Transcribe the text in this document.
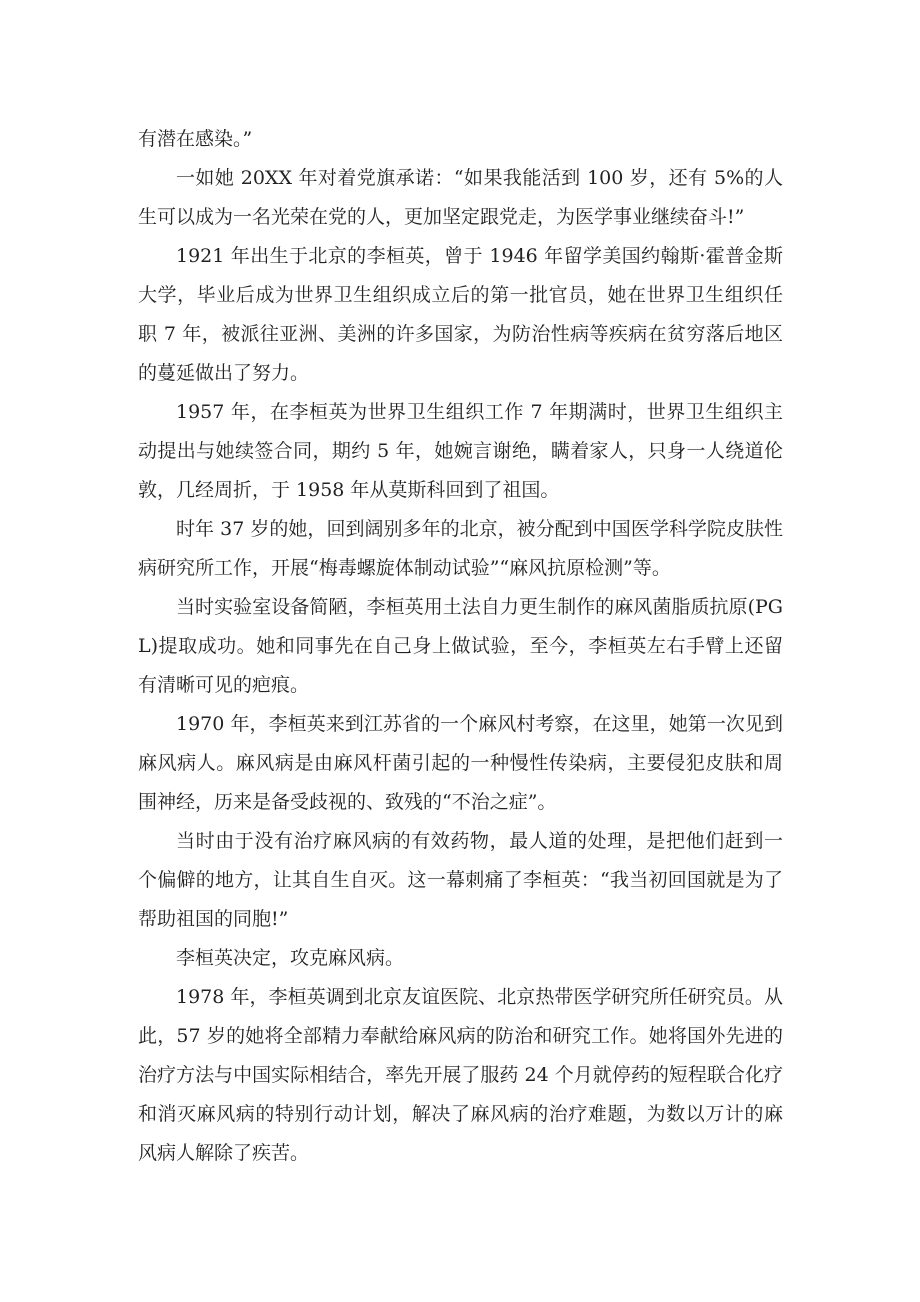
有潜在感染。”

一如她 20XX 年对着党旗承诺：“如果我能活到 100 岁，还有 5%的人生可以成为一名光荣在党的人，更加坚定跟党走，为医学事业继续奋斗!”

1921 年出生于北京的李桓英，曾于 1946 年留学美国约翰斯·霍普金斯大学，毕业后成为世界卫生组织成立后的第一批官员，她在世界卫生组织任职 7 年，被派往亚洲、美洲的许多国家，为防治性病等疾病在贫穷落后地区的蔓延做出了努力。

1957 年，在李桓英为世界卫生组织工作 7 年期满时，世界卫生组织主动提出与她续签合同，期约 5 年，她婉言谢绝，瞒着家人，只身一人绕道伦敦，几经周折，于 1958 年从莫斯科回到了祖国。

时年 37 岁的她，回到阔别多年的北京，被分配到中国医学科学院皮肤性病研究所工作，开展“梅毒螺旋体制动试验”“麻风抗原检测”等。

当时实验室设备简陋，李桓英用土法自力更生制作的麻风菌脂质抗原(PGL)提取成功。她和同事先在自己身上做试验，至今，李桓英左右手臂上还留有清晰可见的疤痕。

1970 年，李桓英来到江苏省的一个麻风村考察，在这里，她第一次见到麻风病人。麻风病是由麻风杆菌引起的一种慢性传染病，主要侵犯皮肤和周围神经，历来是备受歧视的、致残的“不治之症”。

当时由于没有治疗麻风病的有效药物，最人道的处理，是把他们赶到一个偏僻的地方，让其自生自灭。这一幕刺痛了李桓英：“我当初回国就是为了帮助祖国的同胞!”

李桓英决定，攻克麻风病。

1978 年，李桓英调到北京友谊医院、北京热带医学研究所任研究员。从此，57 岁的她将全部精力奉献给麻风病的防治和研究工作。她将国外先进的治疗方法与中国实际相结合，率先开展了服药 24 个月就停药的短程联合化疗和消灭麻风病的特别行动计划，解决了麻风病的治疗难题，为数以万计的麻风病人解除了疾苦。
